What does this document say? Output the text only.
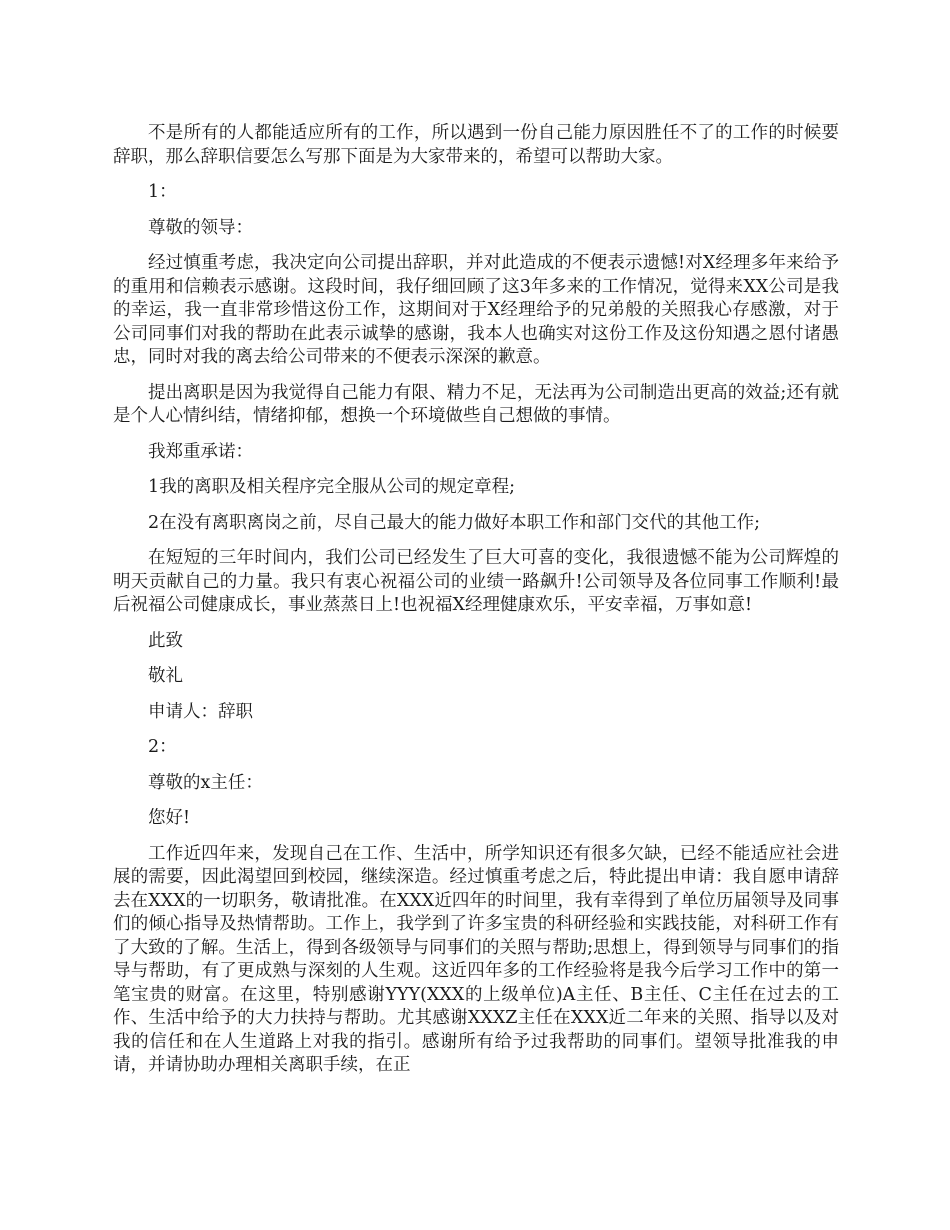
不是所有的人都能适应所有的工作，所以遇到一份自己能力原因胜任不了的工作的时候要辞职，那么辞职信要怎么写那下面是为大家带来的，希望可以帮助大家。

1：

尊敬的领导：

经过慎重考虑，我决定向公司提出辞职，并对此造成的不便表示遗憾!对X经理多年来给予的重用和信赖表示感谢。这段时间，我仔细回顾了这3年多来的工作情况，觉得来XX公司是我的幸运，我一直非常珍惜这份工作，这期间对于X经理给予的兄弟般的关照我心存感激，对于公司同事们对我的帮助在此表示诚挚的感谢，我本人也确实对这份工作及这份知遇之恩付诸愚忠，同时对我的离去给公司带来的不便表示深深的歉意。

提出离职是因为我觉得自己能力有限、精力不足，无法再为公司制造出更高的效益;还有就是个人心情纠结，情绪抑郁，想换一个环境做些自己想做的事情。

我郑重承诺：

1我的离职及相关程序完全服从公司的规定章程;

2在没有离职离岗之前，尽自己最大的能力做好本职工作和部门交代的其他工作;

在短短的三年时间内，我们公司已经发生了巨大可喜的变化，我很遗憾不能为公司辉煌的明天贡献自己的力量。我只有衷心祝福公司的业绩一路飙升!公司领导及各位同事工作顺利!最后祝福公司健康成长，事业蒸蒸日上!也祝福X经理健康欢乐，平安幸福，万事如意!

此致

敬礼

申请人：辞职

2：

尊敬的x主任：

您好!

工作近四年来，发现自己在工作、生活中，所学知识还有很多欠缺，已经不能适应社会进展的需要，因此渴望回到校园，继续深造。经过慎重考虑之后，特此提出申请：我自愿申请辞去在XXX的一切职务，敬请批准。在XXX近四年的时间里，我有幸得到了单位历届领导及同事们的倾心指导及热情帮助。工作上，我学到了许多宝贵的科研经验和实践技能，对科研工作有了大致的了解。生活上，得到各级领导与同事们的关照与帮助;思想上，得到领导与同事们的指导与帮助，有了更成熟与深刻的人生观。这近四年多的工作经验将是我今后学习工作中的第一笔宝贵的财富。在这里，特别感谢YYY(XXX的上级单位)A主任、B主任、C主任在过去的工作、生活中给予的大力扶持与帮助。尤其感谢XXXZ主任在XXX近二年来的关照、指导以及对我的信任和在人生道路上对我的指引。感谢所有给予过我帮助的同事们。望领导批准我的申请，并请协助办理相关离职手续，在正
